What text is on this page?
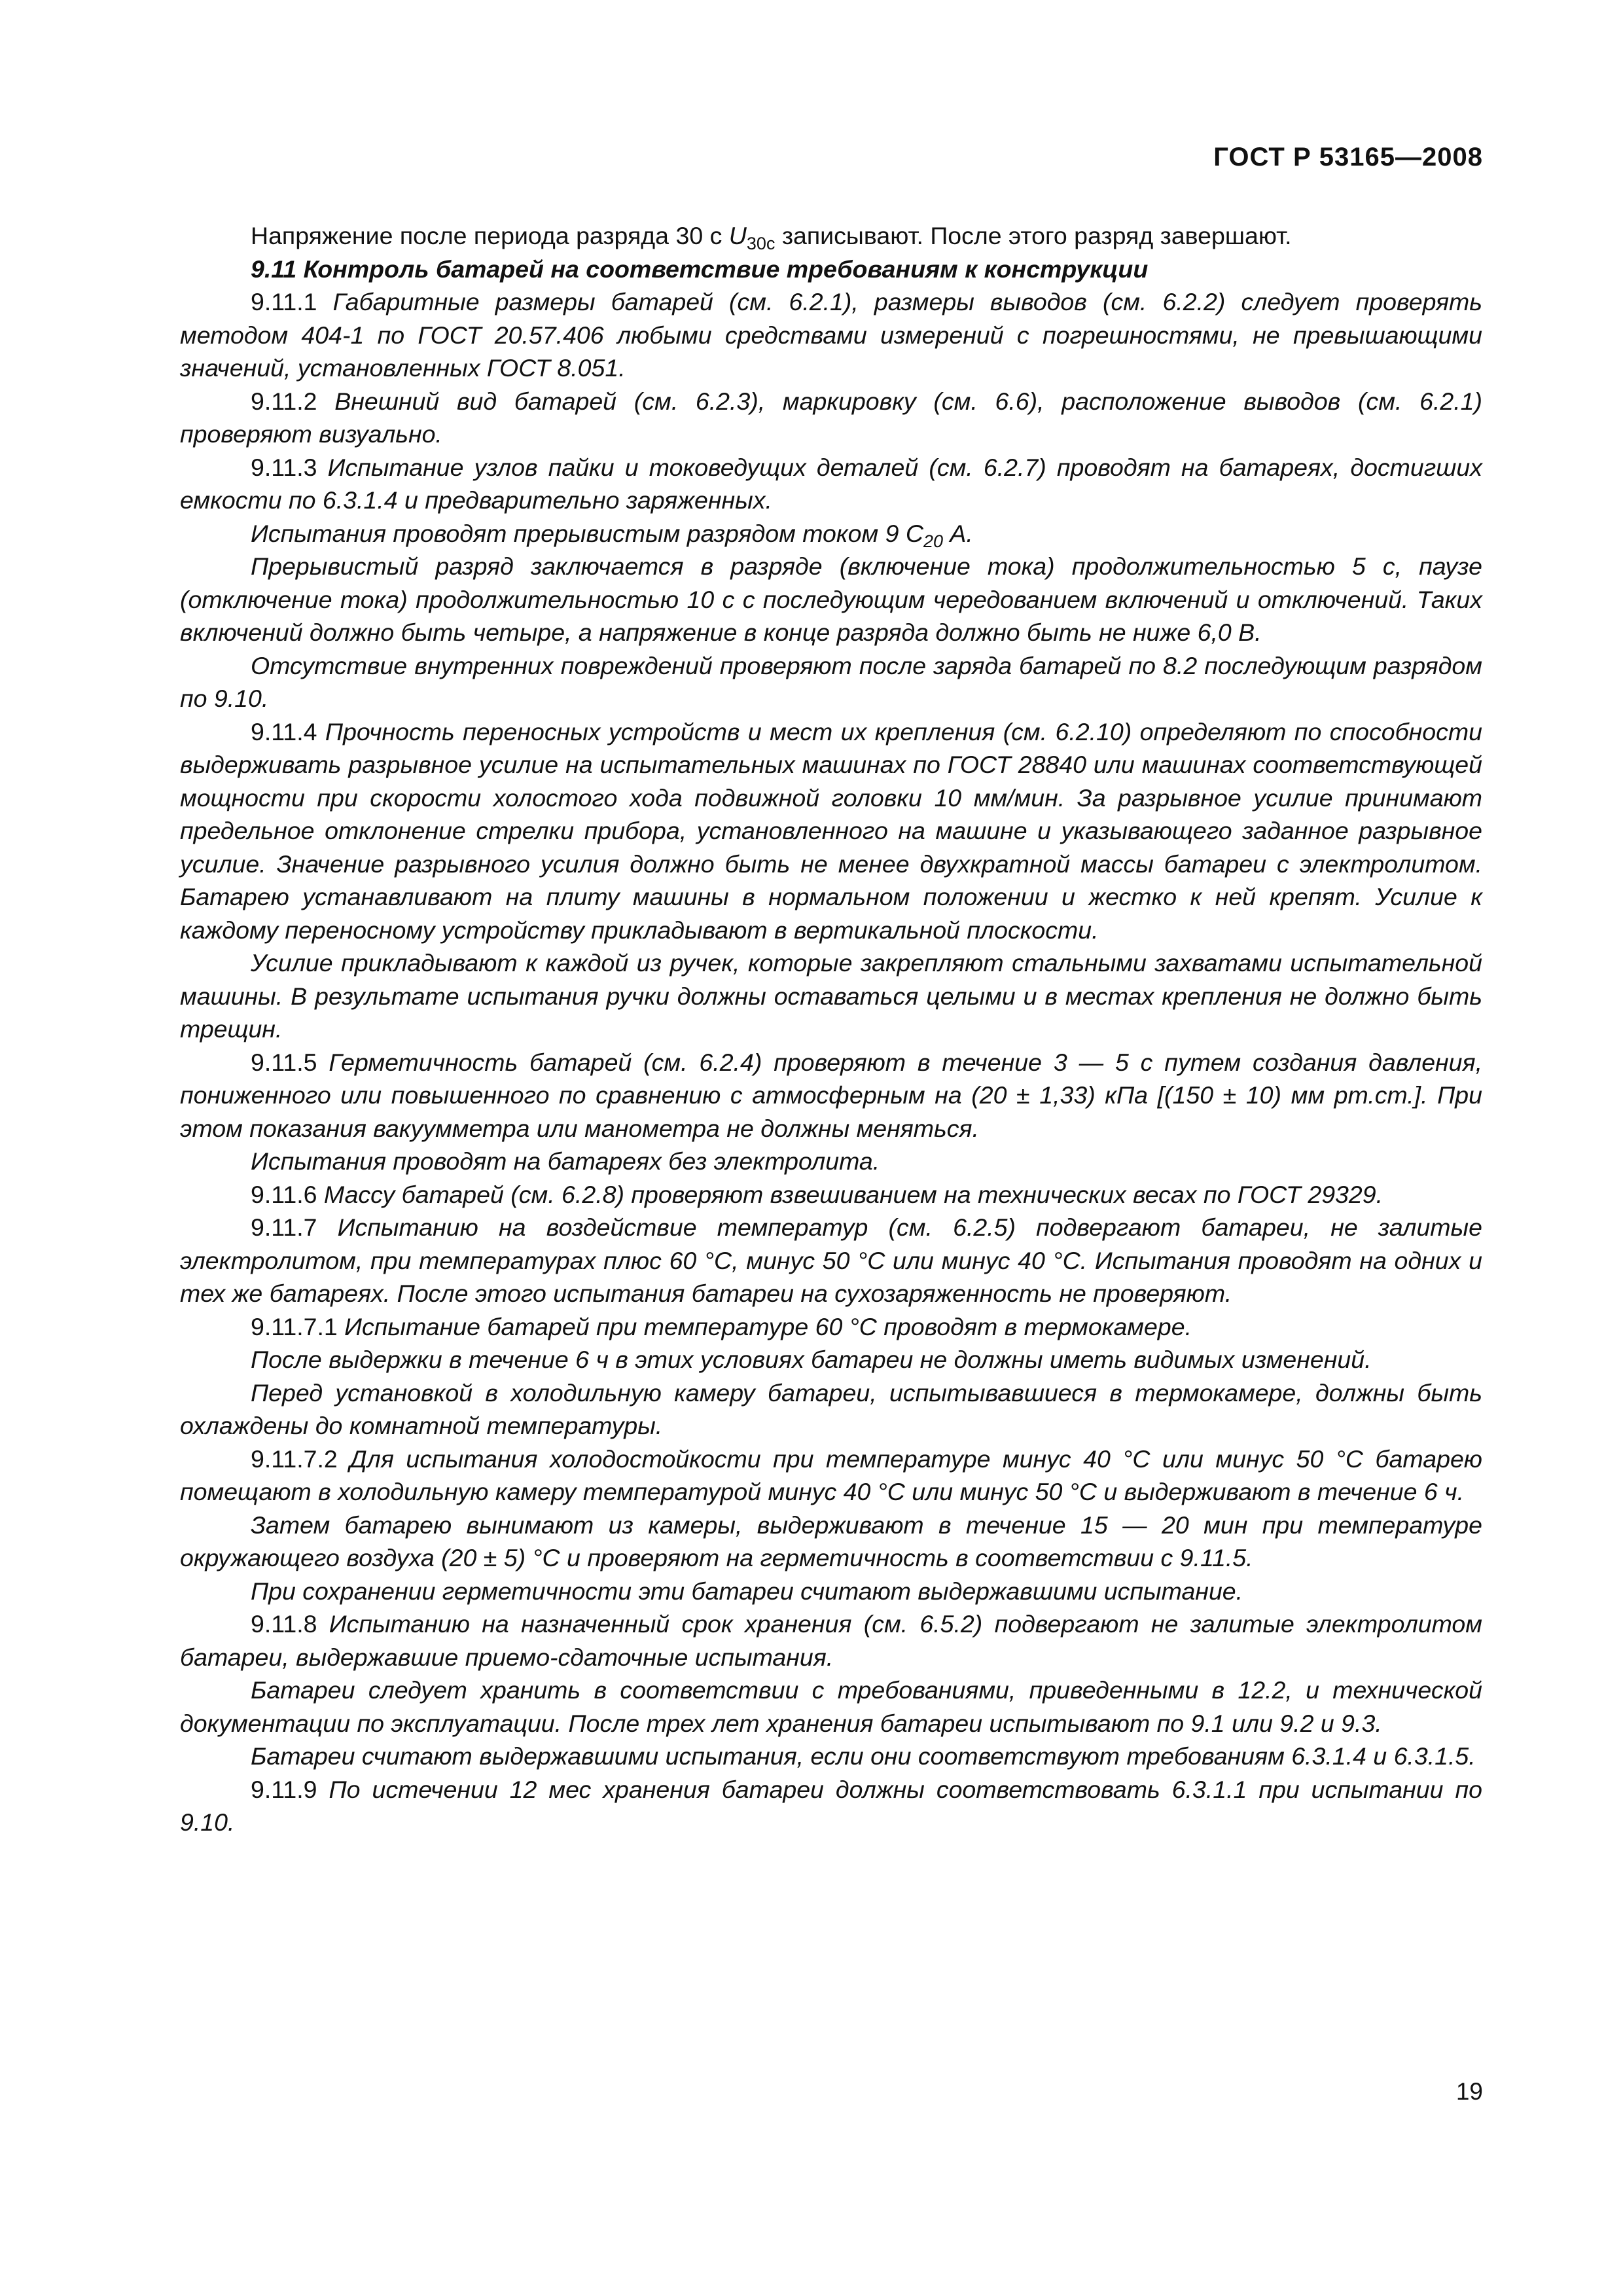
ГОСТ Р 53165—2008

Напряжение после периода разряда 30 с $U_{30с}$ записывают. После этого разряд завершают.

9.11 Контроль батарей на соответствие требованиям к конструкции

9.11.1 Габаритные размеры батарей (см. 6.2.1), размеры выводов (см. 6.2.2) следует проверять методом 404-1 по ГОСТ 20.57.406 любыми средствами измерений с погрешностями, не превышающими значений, установленных ГОСТ 8.051.

9.11.2 Внешний вид батарей (см. 6.2.3), маркировку (см. 6.6), расположение выводов (см. 6.2.1) проверяют визуально.

9.11.3 Испытание узлов пайки и токоведущих деталей (см. 6.2.7) проводят на батареях, достигших емкости по 6.3.1.4 и предварительно заряженных.

Испытания проводят прерывистым разрядом током 9 $C_{20}$ А.

Прерывистый разряд заключается в разряде (включение тока) продолжительностью 5 с, паузе (отключение тока) продолжительностью 10 с с последующим чередованием включений и отключений. Таких включений должно быть четыре, а напряжение в конце разряда должно быть не ниже 6,0 В.

Отсутствие внутренних повреждений проверяют после заряда батарей по 8.2 последующим разрядом по 9.10.

9.11.4 Прочность переносных устройств и мест их крепления (см. 6.2.10) определяют по способности выдерживать разрывное усилие на испытательных машинах по ГОСТ 28840 или машинах соответствующей мощности при скорости холостого хода подвижной головки 10 мм/мин. За разрывное усилие принимают предельное отклонение стрелки прибора, установленного на машине и указывающего заданное разрывное усилие. Значение разрывного усилия должно быть не менее двухкратной массы батареи с электролитом. Батарею устанавливают на плиту машины в нормальном положении и жестко к ней крепят. Усилие к каждому переносному устройству прикладывают в вертикальной плоскости.

Усилие прикладывают к каждой из ручек, которые закрепляют стальными захватами испытательной машины. В результате испытания ручки должны оставаться целыми и в местах крепления не должно быть трещин.

9.11.5 Герметичность батарей (см. 6.2.4) проверяют в течение 3 — 5 с путем создания давления, пониженного или повышенного по сравнению с атмосферным на (20 ± 1,33) кПа [(150 ± 10) мм рт.ст.]. При этом показания вакуумметра или манометра не должны меняться.

Испытания проводят на батареях без электролита.

9.11.6 Массу батарей (см. 6.2.8) проверяют взвешиванием на технических весах по ГОСТ 29329.

9.11.7 Испытанию на воздействие температур (см. 6.2.5) подвергают батареи, не залитые электролитом, при температурах плюс 60 °С, минус 50 °С или минус 40 °С. Испытания проводят на одних и тех же батареях. После этого испытания батареи на сухозаряженность не проверяют.

9.11.7.1 Испытание батарей при температуре 60 °С проводят в термокамере.

После выдержки в течение 6 ч в этих условиях батареи не должны иметь видимых изменений.

Перед установкой в холодильную камеру батареи, испытывавшиеся в термокамере, должны быть охлаждены до комнатной температуры.

9.11.7.2 Для испытания холодостойкости при температуре минус 40 °С или минус 50 °С батарею помещают в холодильную камеру температурой минус 40 °С или минус 50 °С и выдерживают в течение 6 ч.

Затем батарею вынимают из камеры, выдерживают в течение 15 — 20 мин при температуре окружающего воздуха (20 ± 5) °С и проверяют на герметичность в соответствии с 9.11.5.

При сохранении герметичности эти батареи считают выдержавшими испытание.

9.11.8 Испытанию на назначенный срок хранения (см. 6.5.2) подвергают не залитые электролитом батареи, выдержавшие приемо-сдаточные испытания.

Батареи следует хранить в соответствии с требованиями, приведенными в 12.2, и технической документации по эксплуатации. После трех лет хранения батареи испытывают по 9.1 или 9.2 и 9.3.

Батареи считают выдержавшими испытания, если они соответствуют требованиям 6.3.1.4 и 6.3.1.5.

9.11.9 По истечении 12 мес хранения батареи должны соответствовать 6.3.1.1 при испытании по 9.10.

19
